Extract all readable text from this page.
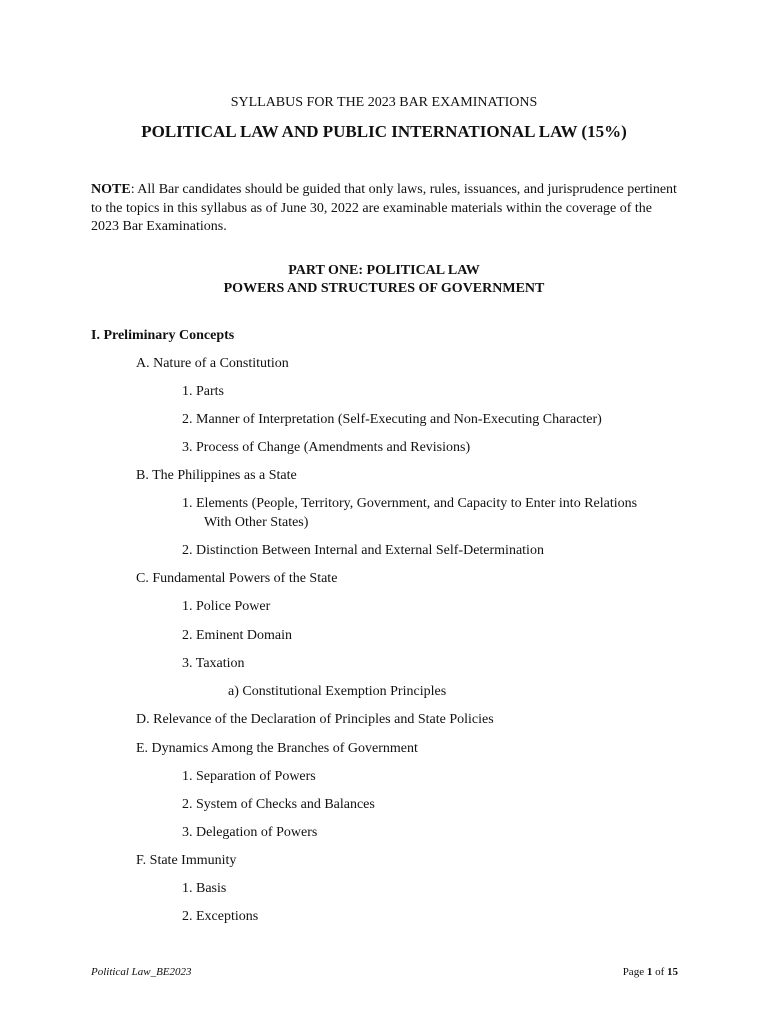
SYLLABUS FOR THE 2023 BAR EXAMINATIONS
POLITICAL LAW AND PUBLIC INTERNATIONAL LAW (15%)
NOTE: All Bar candidates should be guided that only laws, rules, issuances, and jurisprudence pertinent to the topics in this syllabus as of June 30, 2022 are examinable materials within the coverage of the 2023 Bar Examinations.
PART ONE: POLITICAL LAW
POWERS AND STRUCTURES OF GOVERNMENT
I. Preliminary Concepts
A. Nature of a Constitution
1. Parts
2. Manner of Interpretation (Self-Executing and Non-Executing Character)
3. Process of Change (Amendments and Revisions)
B. The Philippines as a State
1. Elements (People, Territory, Government, and Capacity to Enter into Relations
With Other States)
2. Distinction Between Internal and External Self-Determination
C. Fundamental Powers of the State
1. Police Power
2. Eminent Domain
3. Taxation
a) Constitutional Exemption Principles
D. Relevance of the Declaration of Principles and State Policies
E. Dynamics Among the Branches of Government
1. Separation of Powers
2. System of Checks and Balances
3. Delegation of Powers
F. State Immunity
1. Basis
2. Exceptions
Political Law_BE2023	Page 1 of 15
